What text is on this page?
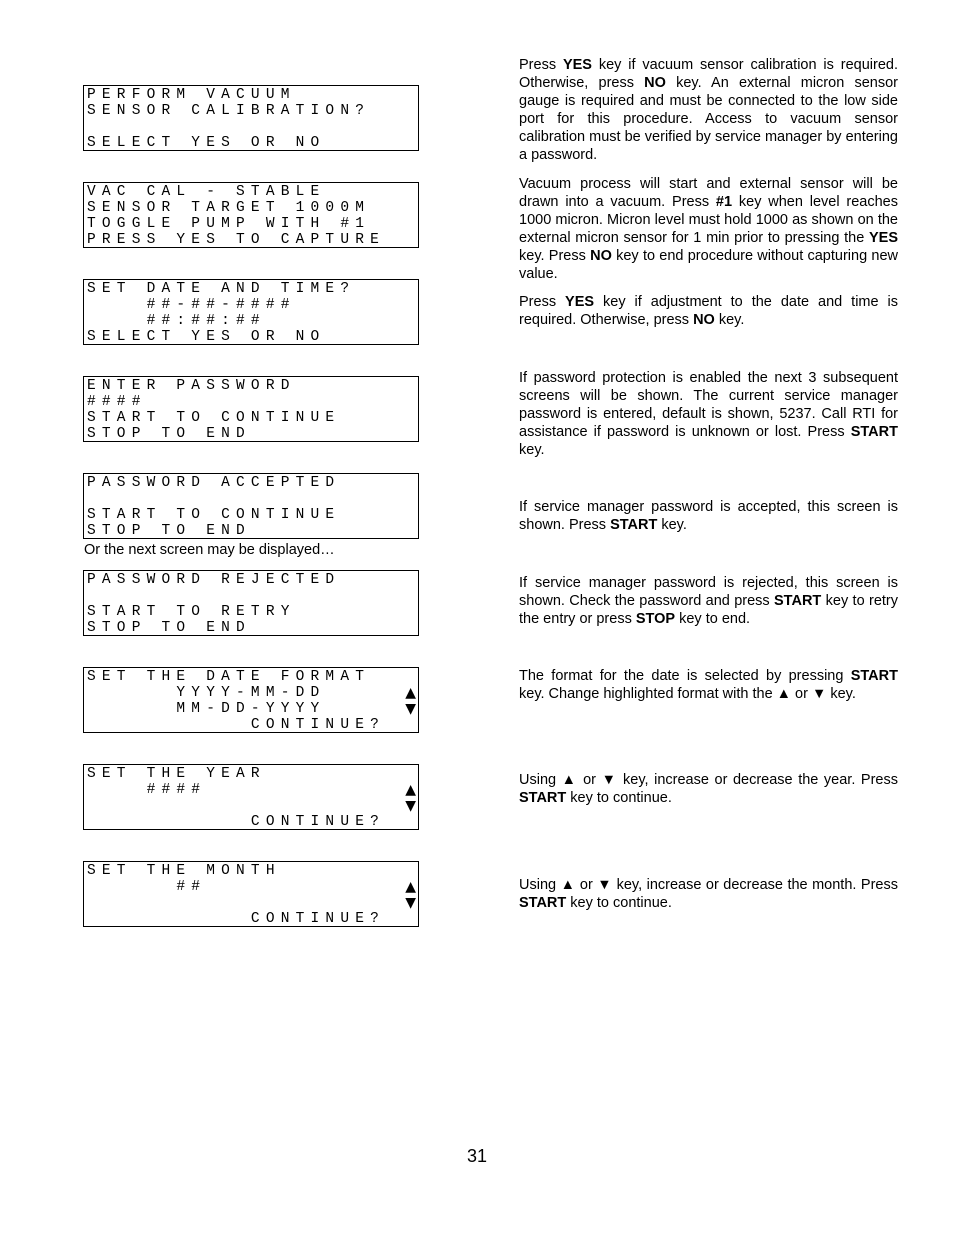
PERFORM VACUUM
SENSOR CALIBRATION?
SELECT YES OR NO
Press YES key if vacuum sensor calibration is required. Otherwise, press NO key. An external micron sensor gauge is required and must be connected to the low side port for this procedure. Access to vacuum sensor calibration must be verified by service manager by entering a password.
VAC CAL - STABLE
SENSOR TARGET 1000M
TOGGLE PUMP WITH #1
PRESS YES TO CAPTURE
Vacuum process will start and external sensor will be drawn into a vacuum. Press #1 key when level reaches 1000 micron. Micron level must hold 1000 as shown on the external micron sensor for 1 min prior to pressing the YES key. Press NO key to end procedure without capturing new value.
SET DATE AND TIME?
##-##-####
##:##:##
SELECT YES OR NO
Press YES key if adjustment to the date and time is required. Otherwise, press NO key.
ENTER PASSWORD
####
START TO CONTINUE
STOP TO END
If password protection is enabled the next 3 subsequent screens will be shown. The current service manager password is entered, default is shown, 5237. Call RTI for assistance if password is unknown or lost. Press START key.
PASSWORD ACCEPTED
START TO CONTINUE
STOP TO END
If service manager password is accepted, this screen is shown. Press START key.
Or the next screen may be displayed…
PASSWORD REJECTED
START TO RETRY
STOP TO END
If service manager password is rejected, this screen is shown. Check the password and press START key to retry the entry or press STOP key to end.
SET THE DATE FORMAT
YYYY-MM-DD
MM-DD-YYYY
CONTINUE?
▲
▼
The format for the date is selected by pressing START key. Change highlighted format with the ▲ or ▼ key.
SET THE YEAR
####
CONTINUE?
▲
▼
Using ▲ or ▼ key, increase or decrease the year. Press START key to continue.
SET THE MONTH
##
CONTINUE?
▲
▼
Using ▲ or ▼ key, increase or decrease the month. Press START key to continue.
31
